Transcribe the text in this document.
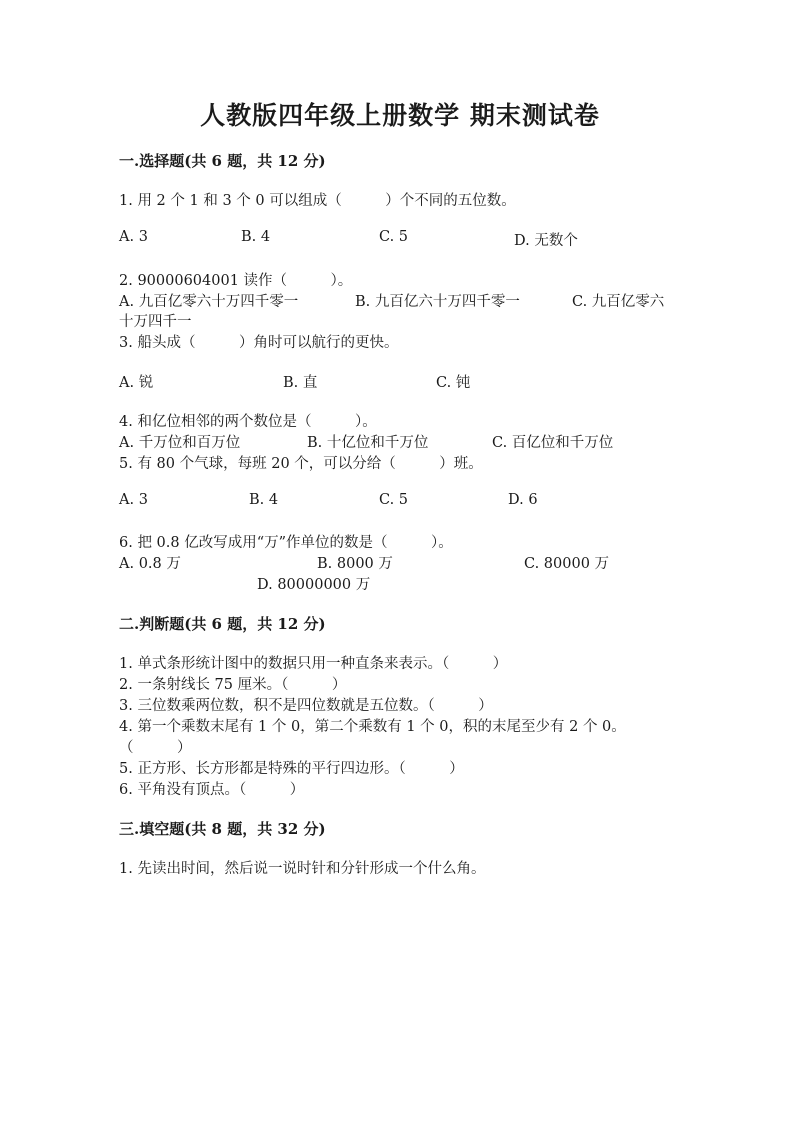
人教版四年级上册数学 期末测试卷
一.选择题(共 6 题，共 12 分)
1. 用 2 个 1 和 3 个 0 可以组成（　　　）个不同的五位数。
A. 3	B. 4	C. 5	D. 无数个
2. 90000604001 读作（　　　）。
A. 九百亿零六十万四千零一	B. 九百亿六十万四千零一	C. 九百亿零六
十万四千一
3. 船头成（　　　）角时可以航行的更快。
A. 锐	B. 直	C. 钝
4. 和亿位相邻的两个数位是（　　　）。
A. 千万位和百万位	B. 十亿位和千万位	C. 百亿位和千万位
5. 有 80 个气球，每班 20 个，可以分给（　　　）班。
A. 3	B. 4	C. 5	D. 6
6. 把 0.8 亿改写成用“万”作单位的数是（　　　）。
A. 0.8 万	B. 8000 万	C. 80000 万
D. 80000000 万
二.判断题(共 6 题，共 12 分)
1. 单式条形统计图中的数据只用一种直条来表示。（　　　）
2. 一条射线长 75 厘米。（　　　）
3. 三位数乘两位数，积不是四位数就是五位数。（　　　）
4. 第一个乘数末尾有 1 个 0，第二个乘数有 1 个 0，积的末尾至少有 2 个 0。
（　　　）
5. 正方形、长方形都是特殊的平行四边形。（　　　）
6. 平角没有顶点。（　　　）
三.填空题(共 8 题，共 32 分)
1. 先读出时间，然后说一说时针和分针形成一个什么角。
